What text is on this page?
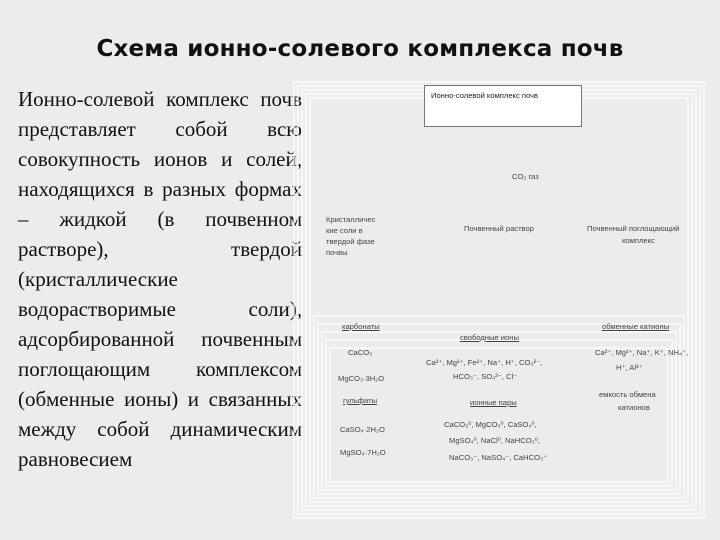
Схема ионно-солевого комплекса почв
Ионно-солевой комплекс почв представляет собой всю совокупность ионов и солей, находящихся в разных формах – жидкой (в почвенном растворе), твердой (кристаллические водорастворимые соли), адсорбированной почвенным поглощающим комплексом (обменные ионы) и связанных между собой динамическим равновесием
Ионно-солевой комплекс почв
CO₂ газ
Кристалличес
кие соли в
твердой фазе
почвы
Почвенный раствор	Почвенный поглощающий
комплекс
карбонаты
CaCO₃
MgCO₃·3H₂O
свободные ионы
Ca²⁺, Mg²⁺, Fe²⁺, Na⁺, H⁺, CO₃²⁻,
HCO₃⁻, SO₄²⁻, Cl⁻
обменные катионы
Ca²⁺, Mg²⁺, Na⁺, K⁺, NH₄⁺,
H⁺, Al³⁺
емкость обмена
катионов
гульфаты
CaSO₄·2H₂O
MgSO₄·7H₂O
ионные пары
CaCO₃⁰, MgCO₃⁰, CaSO₄⁰,
MgSO₄⁰, NaCl⁰, NaHCO₃⁰,
NaCO₃⁻, NaSO₄⁻, CaHCO₃⁺
